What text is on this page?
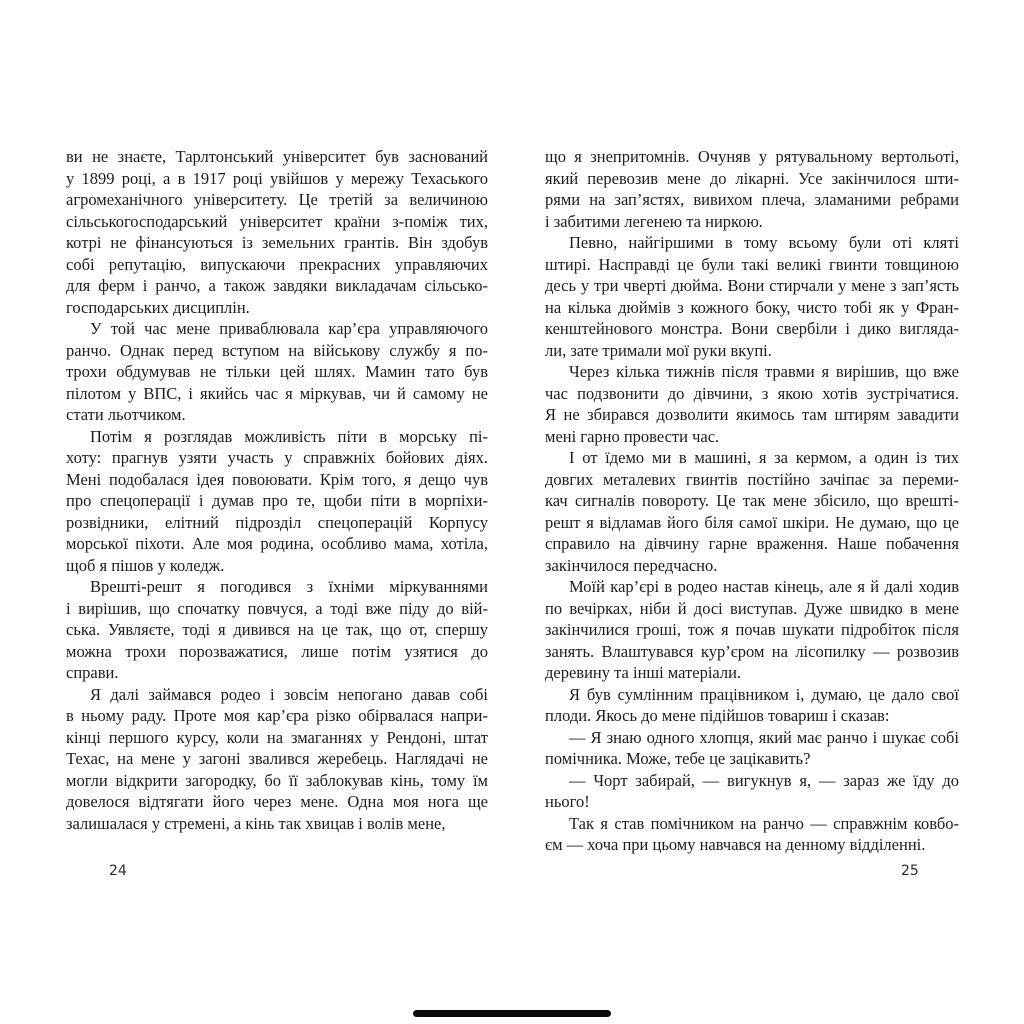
ви не знаєте, Тарлтонський університет був заснований
у 1899 році, а в 1917 році увійшов у мережу Техаського
агромеханічного університету. Це третій за величиною
сільськогосподарський університет країни з-поміж тих,
котрі не фінансуються із земельних грантів. Він здобув
собі репутацію, випускаючи прекрасних управляючих
для ферм і ранчо, а також завдяки викладачам сільсько-
господарських дисциплін.
У той час мене приваблювала кар’єра управляючого
ранчо. Однак перед вступом на військову службу я по-
трохи обдумував не тільки цей шлях. Мамин тато був
пілотом у ВПС, і якийсь час я міркував, чи й самому не
стати льотчиком.
Потім я розглядав можливість піти в морську пі-
хоту: прагнув узяти участь у справжніх бойових діях.
Мені подобалася ідея повоювати. Крім того, я дещо чув
про спецоперації і думав про те, щоби піти в морпіхи-
розвідники, елітний підрозділ спецоперацій Корпусу
морської піхоти. Але моя родина, особливо мама, хотіла,
щоб я пішов у коледж.
Врешті-решт я погодився з їхніми міркуваннями
і вирішив, що спочатку повчуся, а тоді вже піду до вій-
ська. Уявляєте, тоді я дивився на це так, що от, спершу
можна трохи порозважатися, лише потім узятися до
справи.
Я далі займався родео і зовсім непогано давав собі
в ньому раду. Проте моя кар’єра різко обірвалася напри-
кінці першого курсу, коли на змаганнях у Рендоні, штат
Техас, на мене у загоні звалився жеребець. Наглядачі не
могли відкрити загородку, бо її заблокував кінь, тому їм
довелося відтягати його через мене. Одна моя нога ще
залишалася у стремені, а кінь так хвицав і волів мене,
що я знепритомнів. Очуняв у рятувальному вертольоті,
який перевозив мене до лікарні. Усе закінчилося шти-
рями на зап’ястях, вивихом плеча, зламаними ребрами
і забитими легенею та ниркою.
Певно, найгіршими в тому всьому були оті кляті
штирі. Насправді це були такі великі гвинти товщиною
десь у три чверті дюйма. Вони стирчали у мене з зап’ясть
на кілька дюймів з кожного боку, чисто тобі як у Фран-
кенштейнового монстра. Вони свербіли і дико вигляда-
ли, зате тримали мої руки вкупі.
Через кілька тижнів після травми я вирішив, що вже
час подзвонити до дівчини, з якою хотів зустрічатися.
Я не збирався дозволити якимось там штирям завадити
мені гарно провести час.
І от їдемо ми в машині, я за кермом, а один із тих
довгих металевих гвинтів постійно зачіпає за переми-
кач сигналів повороту. Це так мене збісило, що врешті-
решт я відламав його біля самої шкіри. Не думаю, що це
справило на дівчину гарне враження. Наше побачення
закінчилося передчасно.
Моїй кар’єрі в родео настав кінець, але я й далі ходив
по вечірках, ніби й досі виступав. Дуже швидко в мене
закінчилися гроші, тож я почав шукати підробіток після
занять. Влаштувався кур’єром на лісопилку — розвозив
деревину та інші матеріали.
Я був сумлінним працівником і, думаю, це дало свої
плоди. Якось до мене підійшов товариш і сказав:
— Я знаю одного хлопця, який має ранчо і шукає собі
помічника. Може, тебе це зацікавить?
— Чорт забирай, — вигукнув я, — зараз же їду до нього!
Так я став помічником на ранчо — справжнім ковбо-
єм — хоча при цьому навчався на денному відділенні.
24	25
